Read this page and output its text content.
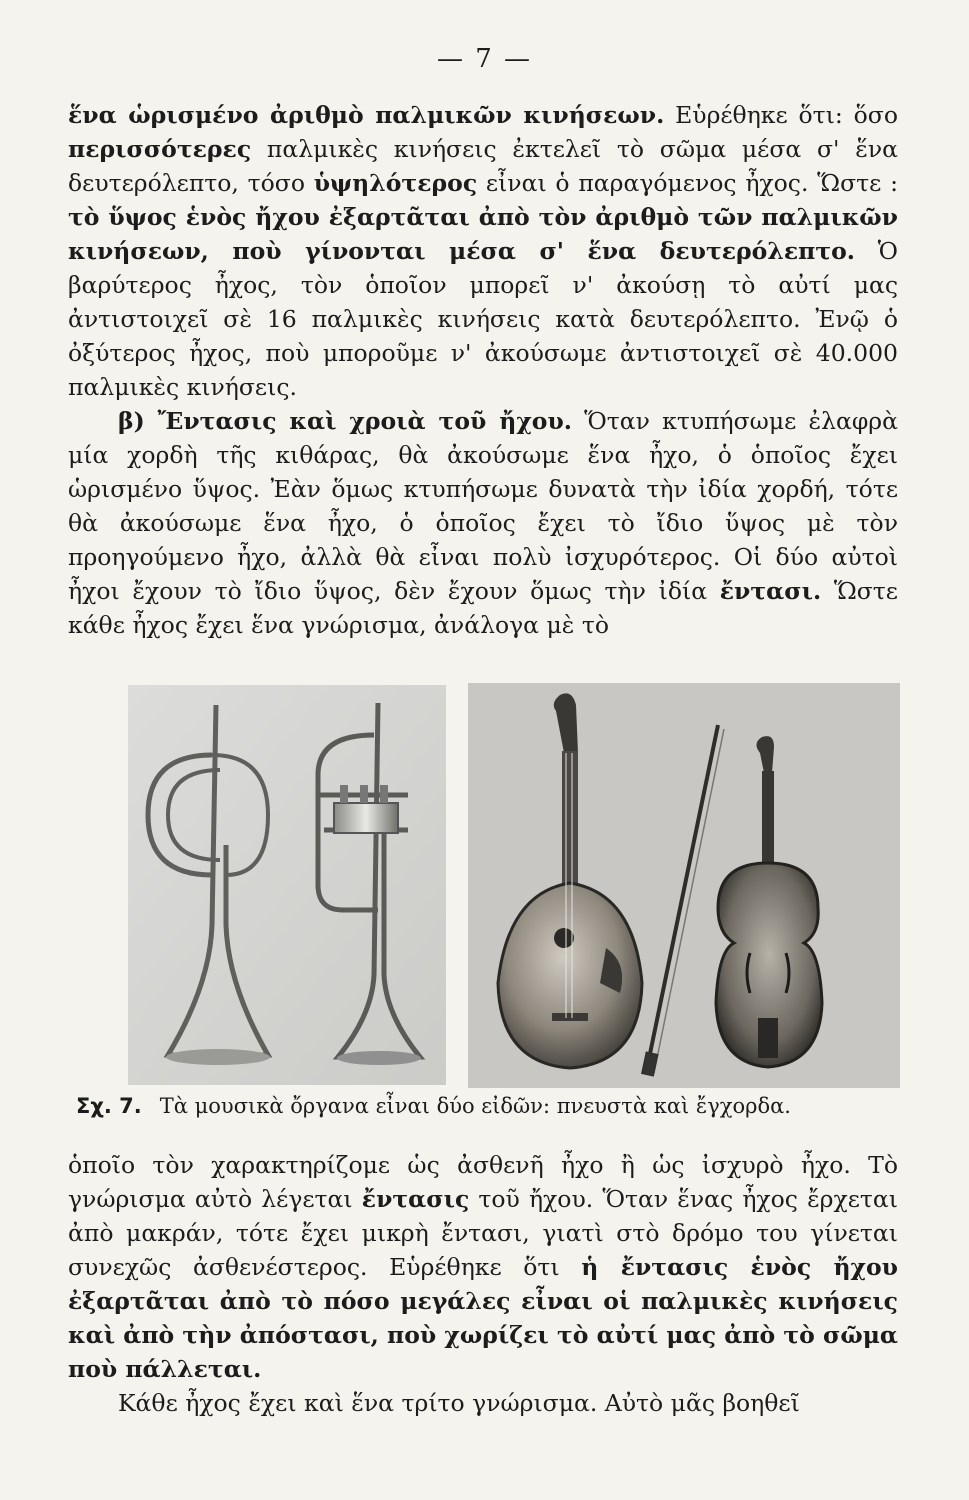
— 7 —

ἕνα ὡρισμένο ἀριθμὸ παλμικῶν κινήσεων. Εὑρέθηκε ὅτι: ὅσο περισσότερες παλμικὲς κινήσεις ἐκτελεῖ τὸ σῶμα μέσα σ' ἕνα δευτερόλεπτο, τόσο ὑψηλότερος εἶναι ὁ παραγόμενος ἦχος. Ὥστε : τὸ ὕψος ἑνὸς ἤχου ἐξαρτᾶται ἀπὸ τὸν ἀριθμὸ τῶν παλμικῶν κινήσεων, ποὺ γίνονται μέσα σ' ἕνα δευτερόλεπτο. Ὁ βαρύτερος ἦχος, τὸν ὁποῖον μπορεῖ ν' ἀκούσῃ τὸ αὐτί μας ἀντιστοιχεῖ σὲ 16 παλμικὲς κινήσεις κατὰ δευτερόλεπτο. Ἐνῷ ὁ ὀξύτερος ἦχος, ποὺ μποροῦμε ν' ἀκούσωμε ἀντιστοιχεῖ σὲ 40.000 παλμικὲς κινήσεις.

β) Ἔντασις καὶ χροιὰ τοῦ ἤχου. Ὅταν κτυπήσωμε ἐλαφρὰ μία χορδὴ τῆς κιθάρας, θὰ ἀκούσωμε ἕνα ἦχο, ὁ ὁποῖος ἔχει ὡρισμένο ὕψος. Ἐὰν ὅμως κτυπήσωμε δυνατὰ τὴν ἰδία χορδή, τότε θὰ ἀκούσωμε ἕνα ἦχο, ὁ ὁποῖος ἔχει τὸ ἴδιο ὕψος μὲ τὸν προηγούμενο ἦχο, ἀλλὰ θὰ εἶναι πολὺ ἰσχυρότερος. Οἱ δύο αὐτοὶ ἦχοι ἔχουν τὸ ἴδιο ὕψος, δὲν ἔχουν ὅμως τὴν ἰδία ἔντασι. Ὥστε κάθε ἦχος ἔχει ἕνα γνώρισμα, ἀνάλογα μὲ τὸ

Σχ. 7. Τὰ μουσικὰ ὄργανα εἶναι δύο εἰδῶν: πνευστὰ καὶ ἔγχορδα.

ὁποῖο τὸν χαρακτηρίζομε ὡς ἀσθενῆ ἦχο ἢ ὡς ἰσχυρὸ ἦχο. Τὸ γνώρισμα αὐτὸ λέγεται ἔντασις τοῦ ἤχου. Ὅταν ἕνας ἦχος ἔρχεται ἀπὸ μακράν, τότε ἔχει μικρὴ ἔντασι, γιατὶ στὸ δρόμο του γίνεται συνεχῶς ἀσθενέστερος. Εὑρέθηκε ὅτι ἡ ἔντασις ἑνὸς ἤχου ἐξαρτᾶται ἀπὸ τὸ πόσο μεγάλες εἶναι οἱ παλμικὲς κινήσεις καὶ ἀπὸ τὴν ἀπόστασι, ποὺ χωρίζει τὸ αὐτί μας ἀπὸ τὸ σῶμα ποὺ πάλλεται.

Κάθε ἦχος ἔχει καὶ ἕνα τρίτο γνώρισμα. Αὐτὸ μᾶς βοηθεῖ
